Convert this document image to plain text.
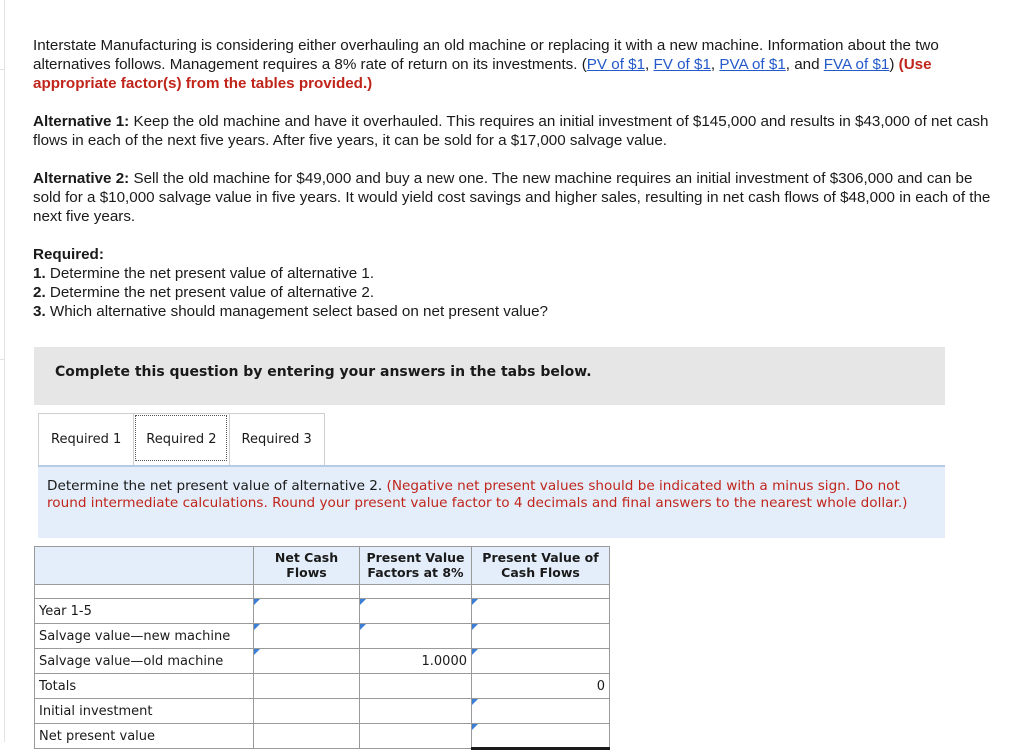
Interstate Manufacturing is considering either overhauling an old machine or replacing it with a new machine. Information about the two alternatives follows. Management requires a 8% rate of return on its investments. (PV of $1, FV of $1, PVA of $1, and FVA of $1) (Use appropriate factor(s) from the tables provided.)

Alternative 1: Keep the old machine and have it overhauled. This requires an initial investment of $145,000 and results in $43,000 of net cash flows in each of the next five years. After five years, it can be sold for a $17,000 salvage value.

Alternative 2: Sell the old machine for $49,000 and buy a new one. The new machine requires an initial investment of $306,000 and can be sold for a $10,000 salvage value in five years. It would yield cost savings and higher sales, resulting in net cash flows of $48,000 in each of the next five years.

Required:

1. Determine the net present value of alternative 1.

2. Determine the net present value of alternative 2.

3. Which alternative should management select based on net present value?

Complete this question by entering your answers in the tabs below.
Required 1	Required 2	Required 3
Determine the net present value of alternative 2. (Negative net present values should be indicated with a minus sign. Do not round intermediate calculations. Round your present value factor to 4 decimals and final answers to the nearest whole dollar.)
	Net Cash Flows	Present Value Factors at 8%	Present Value of Cash Flows

Year 1-5	

Salvage value—new machine	

Salvage value—old machine		1.0000	

Totals			0
Initial investment			

Net present value			
